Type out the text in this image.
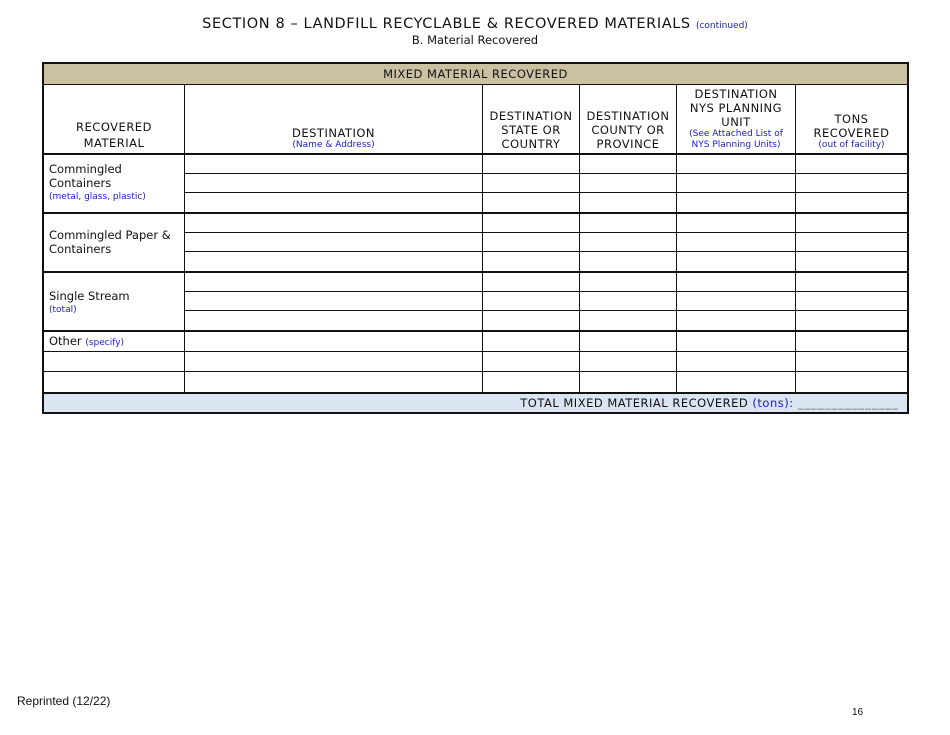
SECTION 8 – LANDFILL RECYCLABLE & RECOVERED MATERIALS (continued)
B. Material Recovered
MIXED MATERIAL RECOVERED
RECOVERED MATERIAL
DESTINATION
(Name & Address)
DESTINATION STATE OR COUNTRY
DESTINATION COUNTY OR PROVINCE
DESTINATION NYS PLANNING UNIT
(See Attached List of NYS Planning Units)
TONS RECOVERED
(out of facility)
Commingled Containers
(metal, glass, plastic)
Commingled Paper & Containers
Single Stream
(total)
Other (specify)
TOTAL MIXED MATERIAL RECOVERED (tons): _______________
Reprinted (12/22)
16
